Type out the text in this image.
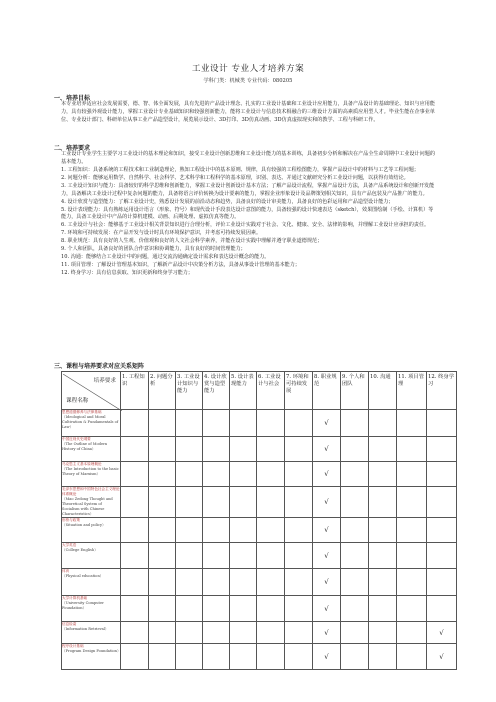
工业设计 专业人才培养方案
学科门类：机械类 专业代码：080205
一、培养目标
本专业培养适应社会发展需要，德、智、体全面发展，具有先进的产品设计理念、扎实的工业设计基础和工业设计应用能力，具备产品设计的基础理论、知识与应用能力，具有较强外观设计能力，掌握工业设计专业基础知识和较强创新能力，能将工业设计与信息技术相融合的三维设计方面的高素质应用型人才。毕业生能在企事业单位、专业设计部门、科研单位从事工业产品造型设计，展览展示设计、3D打印、3D仿真动画、3D仿真虚拟现实和的教学、工程与科研工作。
二、培养要求
工业设计专业学生主要学习工业设计的基本理论和知识，接受工业设计创新思维和工业设计能力的基本训练，具备初步分析和解决在产品全生命周期中工业设计问题的基本能力。
1. 工程知识：具备系统的工程技术和工业制造理论，熟知工程设计中的基本原则、规律，具有较强的工程绘图能力，掌握产品设计中的材料与工艺等工程问题；
2. 问题分析：能够运用数学、自然科学、社会科学、艺术科学和工程科学的基本原理，识别、表达、并通过文献研究分析工业设计问题，以获得有效结论。
3. 工业设计知识与能力：具备较好的科学思维和创新能力，掌握工业设计创新设计基本方法；了解产品设计流程，掌握产品设计方法，具备产品系统设计和创新开发能力，具备解决工业设计过程中复杂问题的能力，具备将语言评价转换为设计要素的能力，掌握企业形象设计及品牌策划相关知识，具有产品包装及产品推广的能力。
4. 设计欣赏与造型能力：了解工业设计史，熟悉设计发展的前沿动态和趋势，具备良好的设计审美能力，具备良好的色彩运用和产品造型设计能力；
5. 设计表现能力：具有熟练运用设计语言（形象、符号）和现代设计手段表达设计意图的能力，具备较强的设计快速表达（sketch），效果图绘制（手绘、计算机）等能力，具备工业设计中产品的计算机建模、动画、后期处理、虚拟仿真等能力。
6. 工业设计与社会：能够基于工业设计相关背景知识进行合理分析，评价工业设计实践对于社会、文化、健康、安全、法律的影响，并理解工业设计应承担的责任。
7. 环境和可持续发展：在产品开发与设计时具有环境保护意识，并考虑可持续发展因素。
8. 职业规范：具有良好的人生观、价值观和良好的人文社会科学素养，并能在设计实践中理解并遵守职业道德规范；
9. 个人和团队，具备良好的团队合作意识和协调能力，具有良好的时间管理能力；
10. 沟通：能够结合工业设计中的问题，通过交流沟通确定设计需求和表达设计概念的能力。
11. 项目管理：了解设计管理基本知识，了解新产品设计中决策分析方法，具备从事设计管理的基本能力；
12. 终身学习：具有信息获取、知识更新和终身学习能力；
三、课程与培养要求对应关系矩阵
培养要求
课程名称	1. 工程知识	2. 问题分析	3. 工业设计知识与能力	4. 设计欣赏与造型能力	5. 设计表现能力	6. 工业设计与社会	7. 环境和可持续发展	8. 职业规范	9. 个人和团队	10. 沟通	11. 项目管理	12. 终身学习

思想道德修养与法律基础
（Ideological and Moral Cultivation & Fundamentals of Law）								√				

中国近现代史纲要
（The Outline of Modern History of China）								√				

马克思主义基本原理概论
（The Introduction to the basic Theory of Marxism）								√				

毛泽东思想和中国特色社会主义理论体系概论
（Mao Zedong Thought and Theoretical System of Socialism with Chinese Characteristics）								√				

形势与政策
（Situation and policy）								√				

大学英语
（College English）								√				

体育
（Physical education）								√				

大学计算机基础
（University Computer Foundation）								√				

信息检索
（Information Retrieval）								√				√

程序设计基础
（Program Design Foundation）								√				√
